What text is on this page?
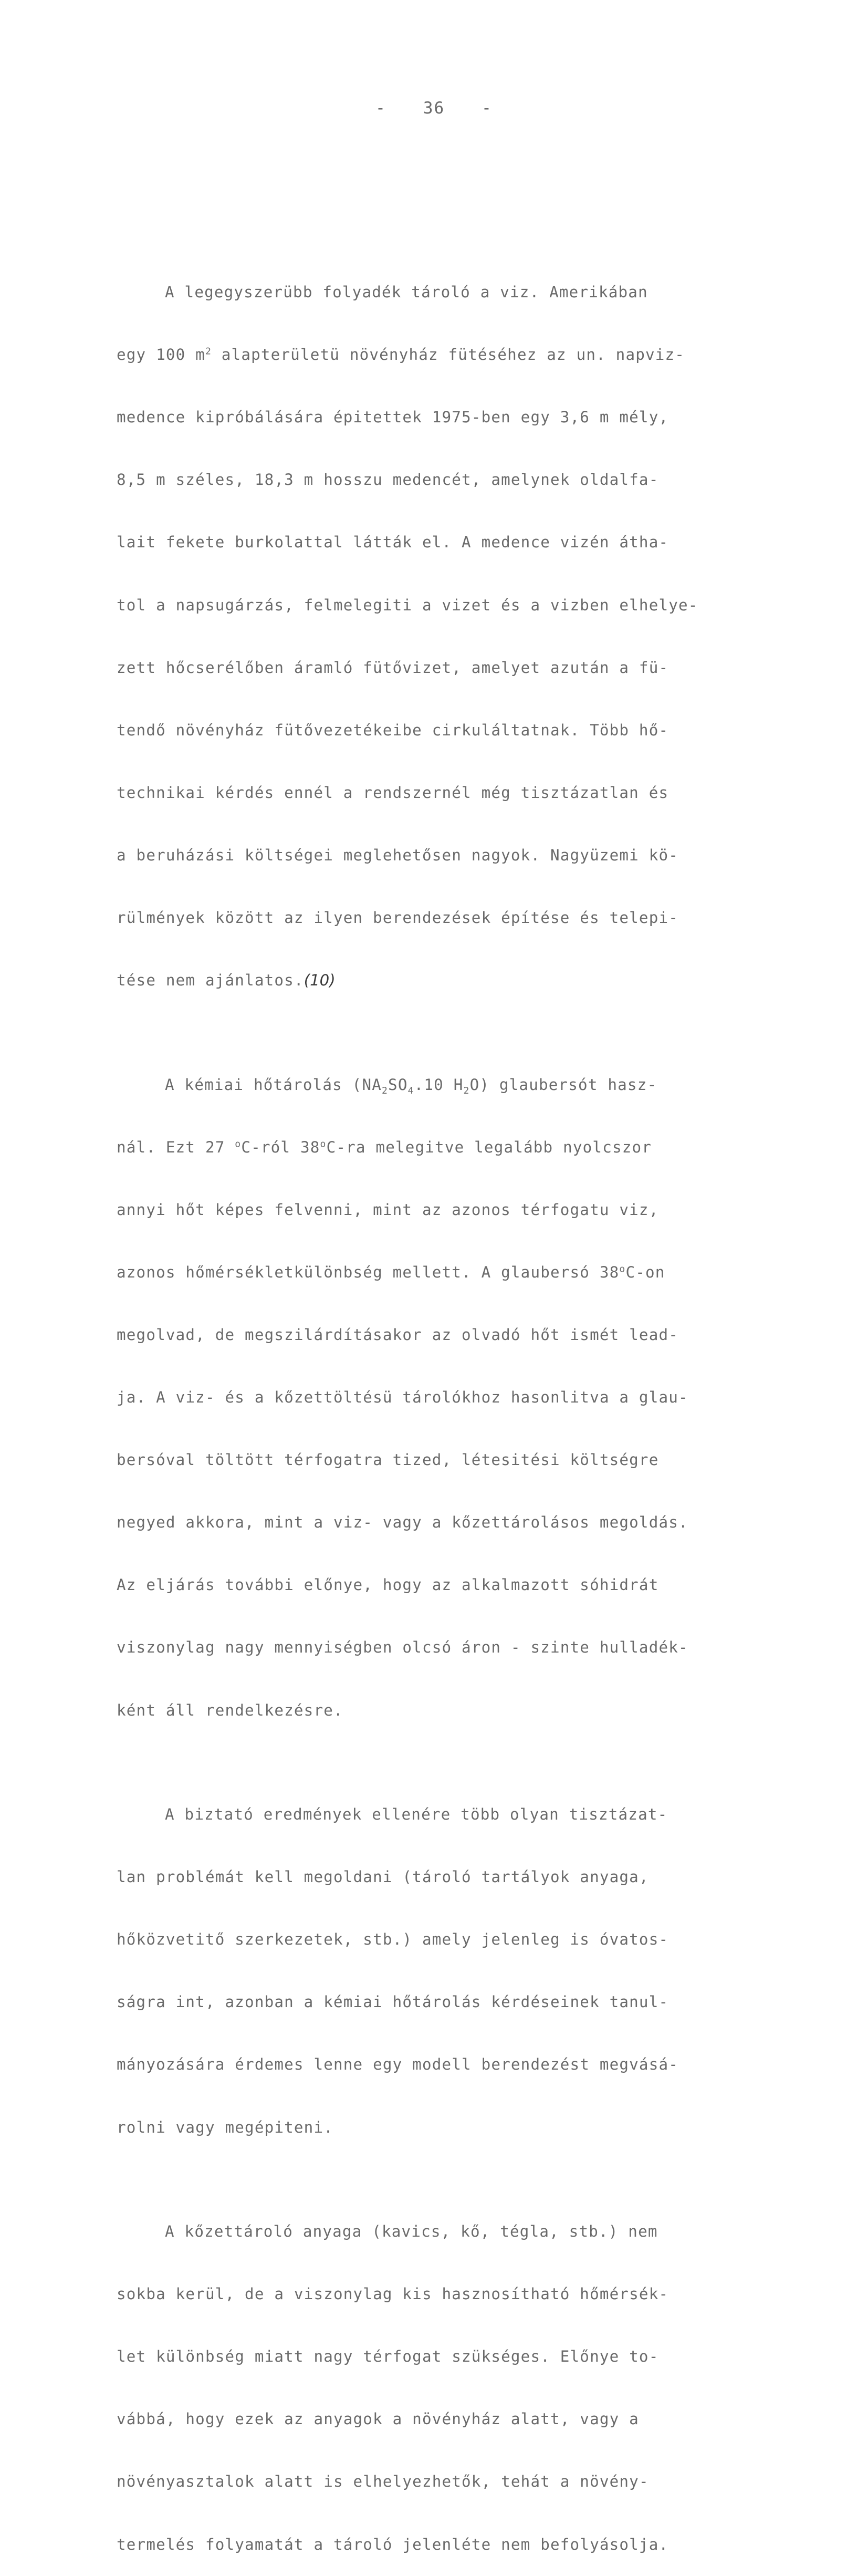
- 36 -

A legegyszerübb folyadék tároló a viz. Amerikában

egy 100 $m^2$ alapterületü növényház fütéséhez az un. napviz-

medence kipróbálására épitettek 1975-ben egy 3,6 m mély,

8,5 m széles, 18,3 m hosszu medencét, amelynek oldalfa-

lait fekete burkolattal látták el. A medence vizén átha-

tol a napsugárzás, felmelegiti a vizet és a vizben elhelye-

zett hőcserélőben áramló fütővizet, amelyet azután a fü-

tendő növényház fütővezetékeibe cirkuláltatnak. Több hő-

technikai kérdés ennél a rendszernél még tisztázatlan és

a beruházási költségei meglehetősen nagyok. Nagyüzemi kö-

rülmények között az ilyen berendezések építése és telepi-

tése nem ajánlatos.(10)

A kémiai hőtárolás ($NA_2SO_4.10$ $H_2O$) glaubersót hasz-

nál. Ezt 27 $^o$C-ról 38$^o$C-ra melegitve legalább nyolcszor

annyi hőt képes felvenni, mint az azonos térfogatu viz,

azonos hőmérsékletkülönbség mellett. A glaubersó 38$^o$C-on

megolvad, de megszilárdításakor az olvadó hőt ismét lead-

ja. A viz- és a kőzettöltésü tárolókhoz hasonlitva a glau-

bersóval töltött térfogatra tized, létesitési költségre

negyed akkora, mint a viz- vagy a kőzettárolásos megoldás.

Az eljárás további előnye, hogy az alkalmazott sóhidrát

viszonylag nagy mennyiségben olcsó áron - szinte hulladék-

ként áll rendelkezésre.

A biztató eredmények ellenére több olyan tisztázat-

lan problémát kell megoldani (tároló tartályok anyaga,

hőközvetitő szerkezetek, stb.) amely jelenleg is óvatos-

ságra int, azonban a kémiai hőtárolás kérdéseinek tanul-

mányozására érdemes lenne egy modell berendezést megvásá-

rolni vagy megépiteni.

A kőzettároló anyaga (kavics, kő, tégla, stb.) nem

sokba kerül, de a viszonylag kis hasznosítható hőmérsék-

let különbség miatt nagy térfogat szükséges. Előnye to-

vábbá, hogy ezek az anyagok a növényház alatt, vagy a

növényasztalok alatt is elhelyezhetők, tehát a növény-

termelés folyamatát a tároló jelenléte nem befolyásolja.
